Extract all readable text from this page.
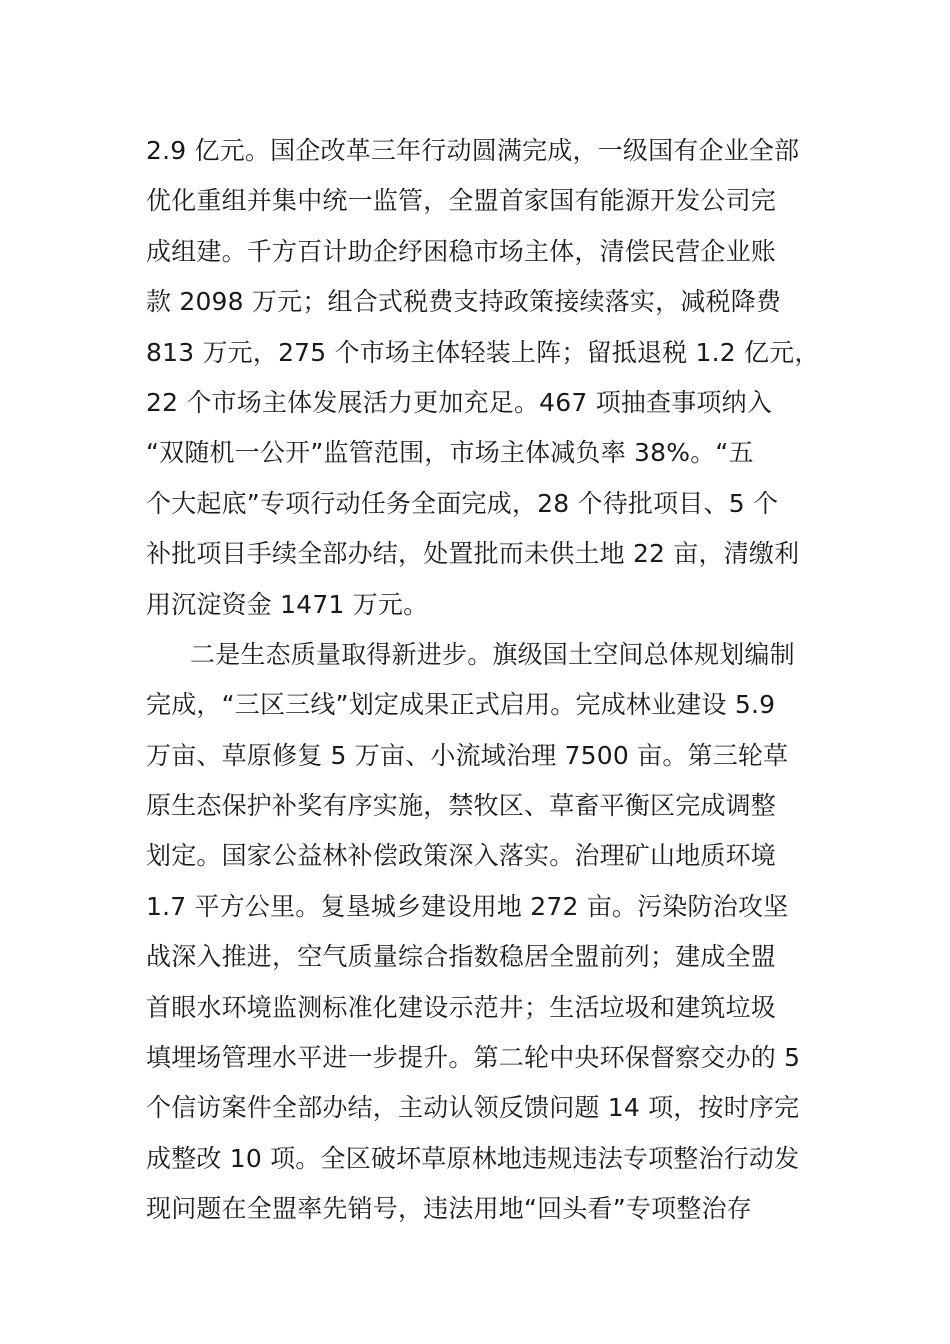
2.9 亿元。国企改革三年行动圆满完成，一级国有企业全部
优化重组并集中统一监管，全盟首家国有能源开发公司完
成组建。千方百计助企纾困稳市场主体，清偿民营企业账
款 2098 万元；组合式税费支持政策接续落实，减税降费
813 万元，275 个市场主体轻装上阵；留抵退税 1.2 亿元，
22 个市场主体发展活力更加充足。467 项抽查事项纳入
“双随机一公开”监管范围，市场主体减负率 38%。“五
个大起底”专项行动任务全面完成，28 个待批项目、5 个
补批项目手续全部办结，处置批而未供土地 22 亩，清缴利
用沉淀资金 1471 万元。
二是生态质量取得新进步。旗级国土空间总体规划编制
完成，“三区三线”划定成果正式启用。完成林业建设 5.9
万亩、草原修复 5 万亩、小流域治理 7500 亩。第三轮草
原生态保护补奖有序实施，禁牧区、草畜平衡区完成调整
划定。国家公益林补偿政策深入落实。治理矿山地质环境
1.7 平方公里。复垦城乡建设用地 272 亩。污染防治攻坚
战深入推进，空气质量综合指数稳居全盟前列；建成全盟
首眼水环境监测标准化建设示范井；生活垃圾和建筑垃圾
填埋场管理水平进一步提升。第二轮中央环保督察交办的 5
个信访案件全部办结，主动认领反馈问题 14 项，按时序完
成整改 10 项。全区破坏草原林地违规违法专项整治行动发
现问题在全盟率先销号，违法用地“回头看”专项整治存
